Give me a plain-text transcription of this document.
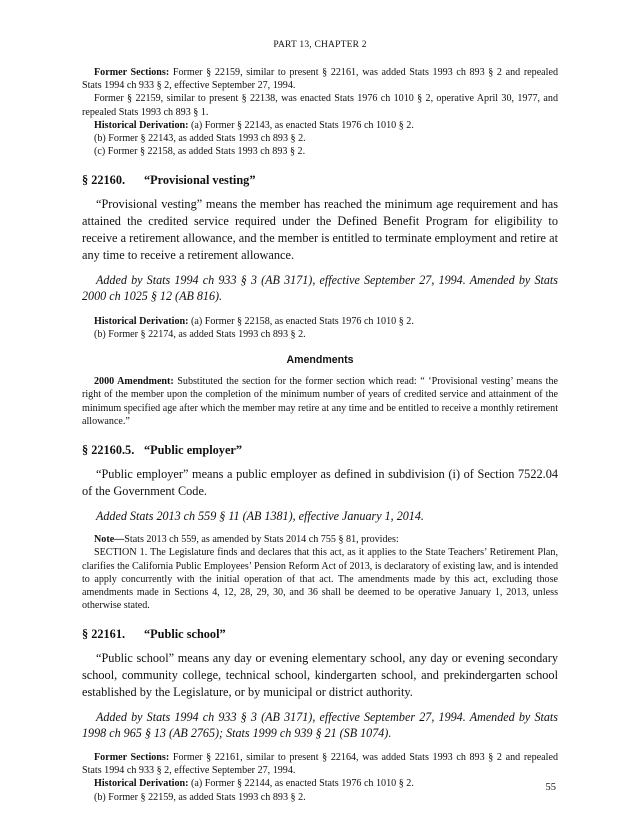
PART 13, CHAPTER 2

Former Sections: Former § 22159, similar to present § 22161, was added Stats 1993 ch 893 § 2 and repealed Stats 1994 ch 933 § 2, effective September 27, 1994.

Former § 22159, similar to present § 22138, was enacted Stats 1976 ch 1010 § 2, operative April 30, 1977, and repealed Stats 1993 ch 893 § 1.

Historical Derivation: (a) Former § 22143, as enacted Stats 1976 ch 1010 § 2.

(b) Former § 22143, as added Stats 1993 ch 893 § 2.

(c) Former § 22158, as added Stats 1993 ch 893 § 2.

§ 22160. “Provisional vesting”

“Provisional vesting” means the member has reached the minimum age requirement and has attained the credited service required under the Defined Benefit Program for eligibility to receive a retirement allowance, and the member is entitled to terminate employment and retire at any time to receive a retirement allowance.

Added by Stats 1994 ch 933 § 3 (AB 3171), effective September 27, 1994. Amended by Stats 2000 ch 1025 § 12 (AB 816).

Historical Derivation: (a) Former § 22158, as enacted Stats 1976 ch 1010 § 2.

(b) Former § 22174, as added Stats 1993 ch 893 § 2.

Amendments

2000 Amendment: Substituted the section for the former section which read: “ ‘Provisional vesting’ means the right of the member upon the completion of the minimum number of years of credited service and attainment of the minimum specified age after which the member may retire at any time and be entitled to receive a monthly retirement allowance.”

§ 22160.5. “Public employer”

“Public employer” means a public employer as defined in subdivision (i) of Section 7522.04 of the Government Code.

Added Stats 2013 ch 559 § 11 (AB 1381), effective January 1, 2014.

Note—Stats 2013 ch 559, as amended by Stats 2014 ch 755 § 81, provides:

SECTION 1. The Legislature finds and declares that this act, as it applies to the State Teachers’ Retirement Plan, clarifies the California Public Employees’ Pension Reform Act of 2013, is declaratory of existing law, and is intended to apply concurrently with the initial operation of that act. The amendments made by this act, excluding those amendments made in Sections 4, 12, 28, 29, 30, and 36 shall be deemed to be operative January 1, 2013, unless otherwise stated.

§ 22161. “Public school”

“Public school” means any day or evening elementary school, any day or evening secondary school, community college, technical school, kindergarten school, and prekindergarten school established by the Legislature, or by municipal or district authority.

Added by Stats 1994 ch 933 § 3 (AB 3171), effective September 27, 1994. Amended by Stats 1998 ch 965 § 13 (AB 2765); Stats 1999 ch 939 § 21 (SB 1074).

Former Sections: Former § 22161, similar to present § 22164, was added Stats 1993 ch 893 § 2 and repealed Stats 1994 ch 933 § 2, effective September 27, 1994.

Historical Derivation: (a) Former § 22144, as enacted Stats 1976 ch 1010 § 2.

(b) Former § 22159, as added Stats 1993 ch 893 § 2.

55
